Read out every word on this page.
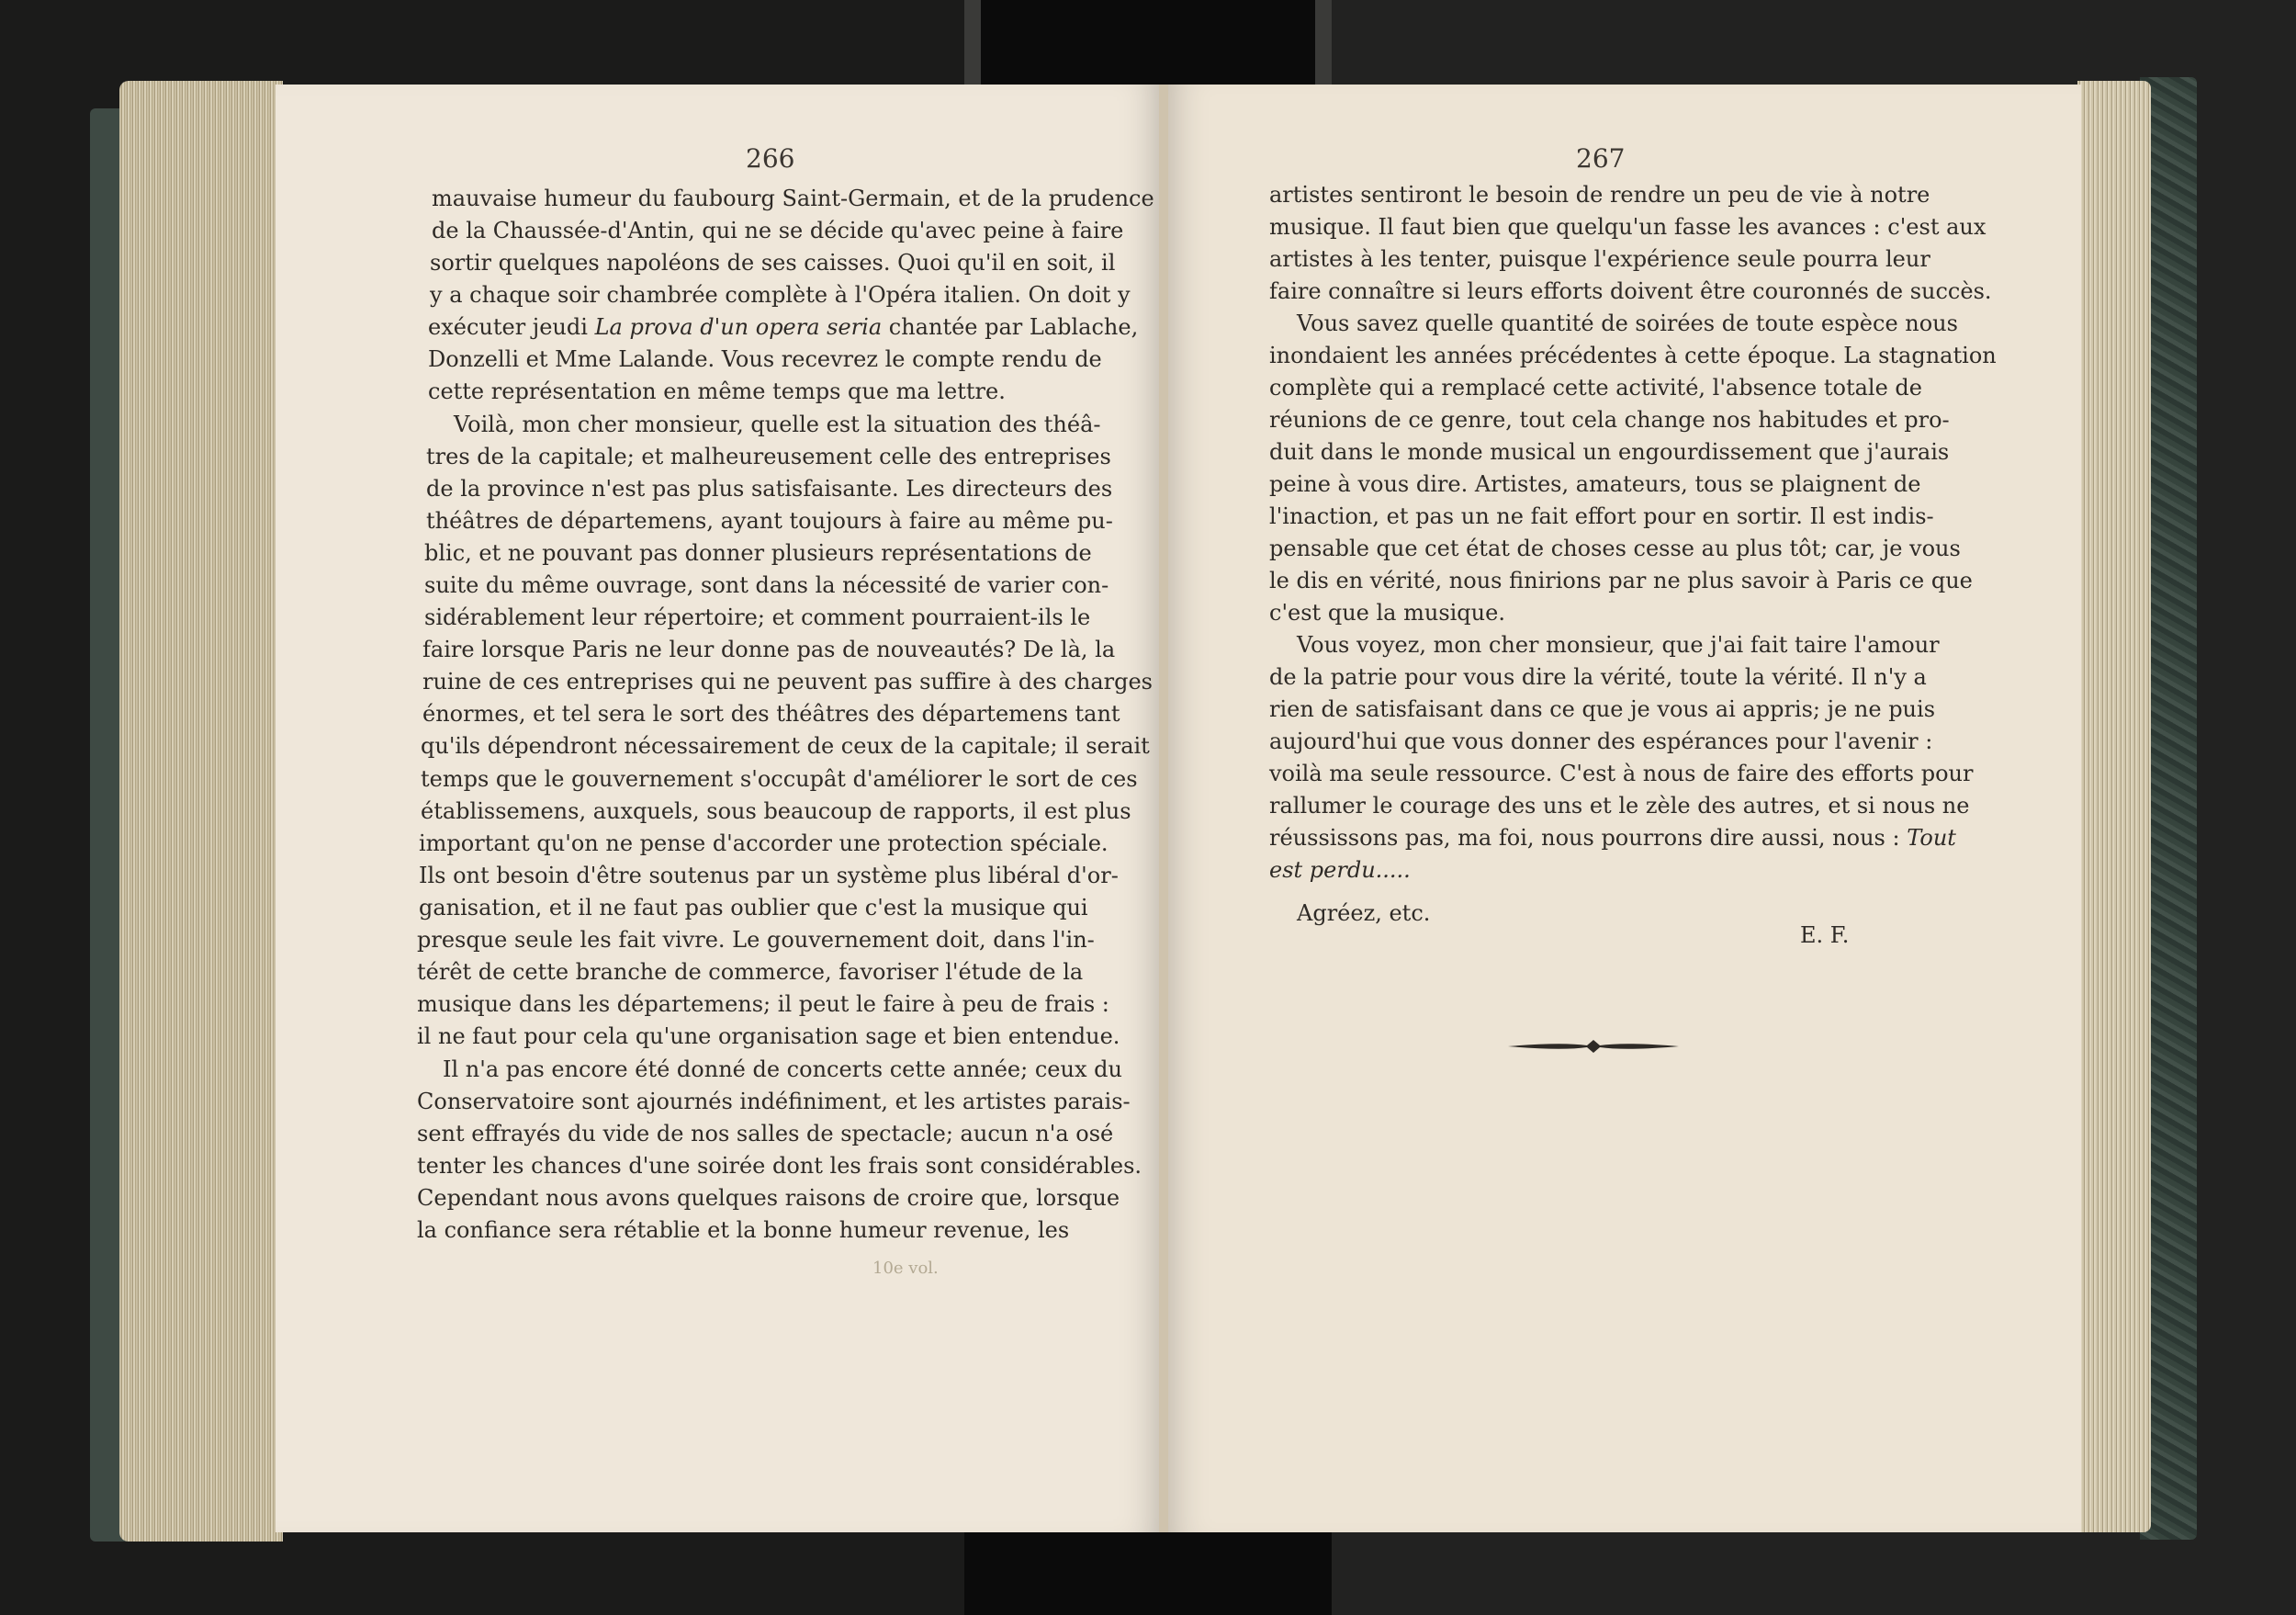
266
mauvaise humeur du faubourg Saint-Germain, et de la prudence
de la Chaussée-d'Antin, qui ne se décide qu'avec peine à faire
sortir quelques napoléons de ses caisses. Quoi qu'il en soit, il
y a chaque soir chambrée complète à l'Opéra italien. On doit y
exécuter jeudi La prova d'un opera seria chantée par Lablache,
Donzelli et Mme Lalande. Vous recevrez le compte rendu de
cette représentation en même temps que ma lettre.
Voilà, mon cher monsieur, quelle est la situation des théâ-
tres de la capitale; et malheureusement celle des entreprises
de la province n'est pas plus satisfaisante. Les directeurs des
théâtres de départemens, ayant toujours à faire au même pu-
blic, et ne pouvant pas donner plusieurs représentations de
suite du même ouvrage, sont dans la nécessité de varier con-
sidérablement leur répertoire; et comment pourraient-ils le
faire lorsque Paris ne leur donne pas de nouveautés? De là, la
ruine de ces entreprises qui ne peuvent pas suffire à des charges
énormes, et tel sera le sort des théâtres des départemens tant
qu'ils dépendront nécessairement de ceux de la capitale; il serait
temps que le gouvernement s'occupât d'améliorer le sort de ces
établissemens, auxquels, sous beaucoup de rapports, il est plus
important qu'on ne pense d'accorder une protection spéciale.
Ils ont besoin d'être soutenus par un système plus libéral d'or-
ganisation, et il ne faut pas oublier que c'est la musique qui
presque seule les fait vivre. Le gouvernement doit, dans l'in-
térêt de cette branche de commerce, favoriser l'étude de la
musique dans les départemens; il peut le faire à peu de frais :
il ne faut pour cela qu'une organisation sage et bien entendue.
Il n'a pas encore été donné de concerts cette année; ceux du
Conservatoire sont ajournés indéfiniment, et les artistes parais-
sent effrayés du vide de nos salles de spectacle; aucun n'a osé
tenter les chances d'une soirée dont les frais sont considérables.
Cependant nous avons quelques raisons de croire que, lorsque
la confiance sera rétablie et la bonne humeur revenue, les
10e vol.
267
artistes sentiront le besoin de rendre un peu de vie à notre
musique. Il faut bien que quelqu'un fasse les avances : c'est aux
artistes à les tenter, puisque l'expérience seule pourra leur
faire connaître si leurs efforts doivent être couronnés de succès.
Vous savez quelle quantité de soirées de toute espèce nous
inondaient les années précédentes à cette époque. La stagnation
complète qui a remplacé cette activité, l'absence totale de
réunions de ce genre, tout cela change nos habitudes et pro-
duit dans le monde musical un engourdissement que j'aurais
peine à vous dire. Artistes, amateurs, tous se plaignent de
l'inaction, et pas un ne fait effort pour en sortir. Il est indis-
pensable que cet état de choses cesse au plus tôt; car, je vous
le dis en vérité, nous finirions par ne plus savoir à Paris ce que
c'est que la musique.
Vous voyez, mon cher monsieur, que j'ai fait taire l'amour
de la patrie pour vous dire la vérité, toute la vérité. Il n'y a
rien de satisfaisant dans ce que je vous ai appris; je ne puis
aujourd'hui que vous donner des espérances pour l'avenir :
voilà ma seule ressource. C'est à nous de faire des efforts pour
rallumer le courage des uns et le zèle des autres, et si nous ne
réussissons pas, ma foi, nous pourrons dire aussi, nous : Tout
est perdu.....
Agréez, etc.
E. F.
